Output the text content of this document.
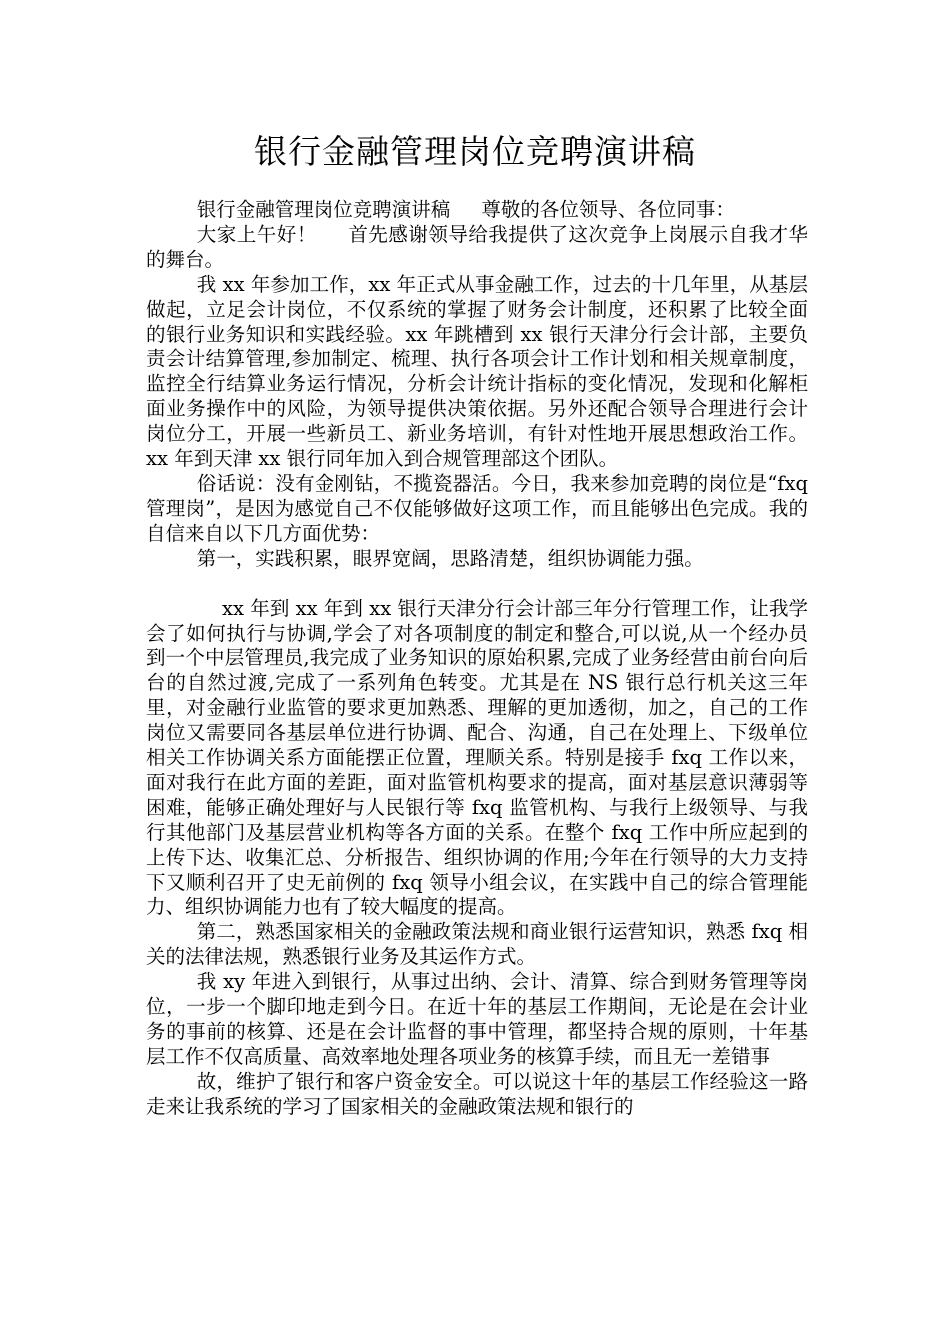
银行金融管理岗位竞聘演讲稿

银行金融管理岗位竞聘演讲稿 尊敬的各位领导、各位同事：

大家上午好！ 首先感谢领导给我提供了这次竞争上岗展示自我才华的舞台。

我 xx 年参加工作，xx 年正式从事金融工作，过去的十几年里，从基层做起，立足会计岗位，不仅系统的掌握了财务会计制度，还积累了比较全面的银行业务知识和实践经验。xx 年跳槽到 xx 银行天津分行会计部，主要负责会计结算管理,参加制定、梳理、执行各项会计工作计划和相关规章制度，监控全行结算业务运行情况，分析会计统计指标的变化情况，发现和化解柜面业务操作中的风险，为领导提供决策依据。另外还配合领导合理进行会计岗位分工，开展一些新员工、新业务培训，有针对性地开展思想政治工作。xx 年到天津 xx 银行同年加入到合规管理部这个团队。

俗话说：没有金刚钻，不揽瓷器活。今日，我来参加竞聘的岗位是“fxq 管理岗”，是因为感觉自己不仅能够做好这项工作，而且能够出色完成。我的自信来自以下几方面优势：

第一，实践积累，眼界宽阔，思路清楚，组织协调能力强。

xx 年到 xx 年到 xx 银行天津分行会计部三年分行管理工作，让我学会了如何执行与协调,学会了对各项制度的制定和整合,可以说,从一个经办员到一个中层管理员,我完成了业务知识的原始积累,完成了业务经营由前台向后台的自然过渡,完成了一系列角色转变。尤其是在 NS 银行总行机关这三年里，对金融行业监管的要求更加熟悉、理解的更加透彻，加之，自己的工作岗位又需要同各基层单位进行协调、配合、沟通，自己在处理上、下级单位相关工作协调关系方面能摆正位置，理顺关系。特别是接手 fxq 工作以来，面对我行在此方面的差距，面对监管机构要求的提高，面对基层意识薄弱等困难，能够正确处理好与人民银行等 fxq 监管机构、与我行上级领导、与我行其他部门及基层营业机构等各方面的关系。在整个 fxq 工作中所应起到的上传下达、收集汇总、分析报告、组织协调的作用;今年在行领导的大力支持下又顺利召开了史无前例的 fxq 领导小组会议，在实践中自己的综合管理能力、组织协调能力也有了较大幅度的提高。

第二，熟悉国家相关的金融政策法规和商业银行运营知识，熟悉 fxq 相关的法律法规，熟悉银行业务及其运作方式。

我 xy 年进入到银行，从事过出纳、会计、清算、综合到财务管理等岗位，一步一个脚印地走到今日。在近十年的基层工作期间，无论是在会计业务的事前的核算、还是在会计监督的事中管理，都坚持合规的原则，十年基层工作不仅高质量、高效率地处理各项业务的核算手续，而且无一差错事

故，维护了银行和客户资金安全。可以说这十年的基层工作经验这一路走来让我系统的学习了国家相关的金融政策法规和银行的
